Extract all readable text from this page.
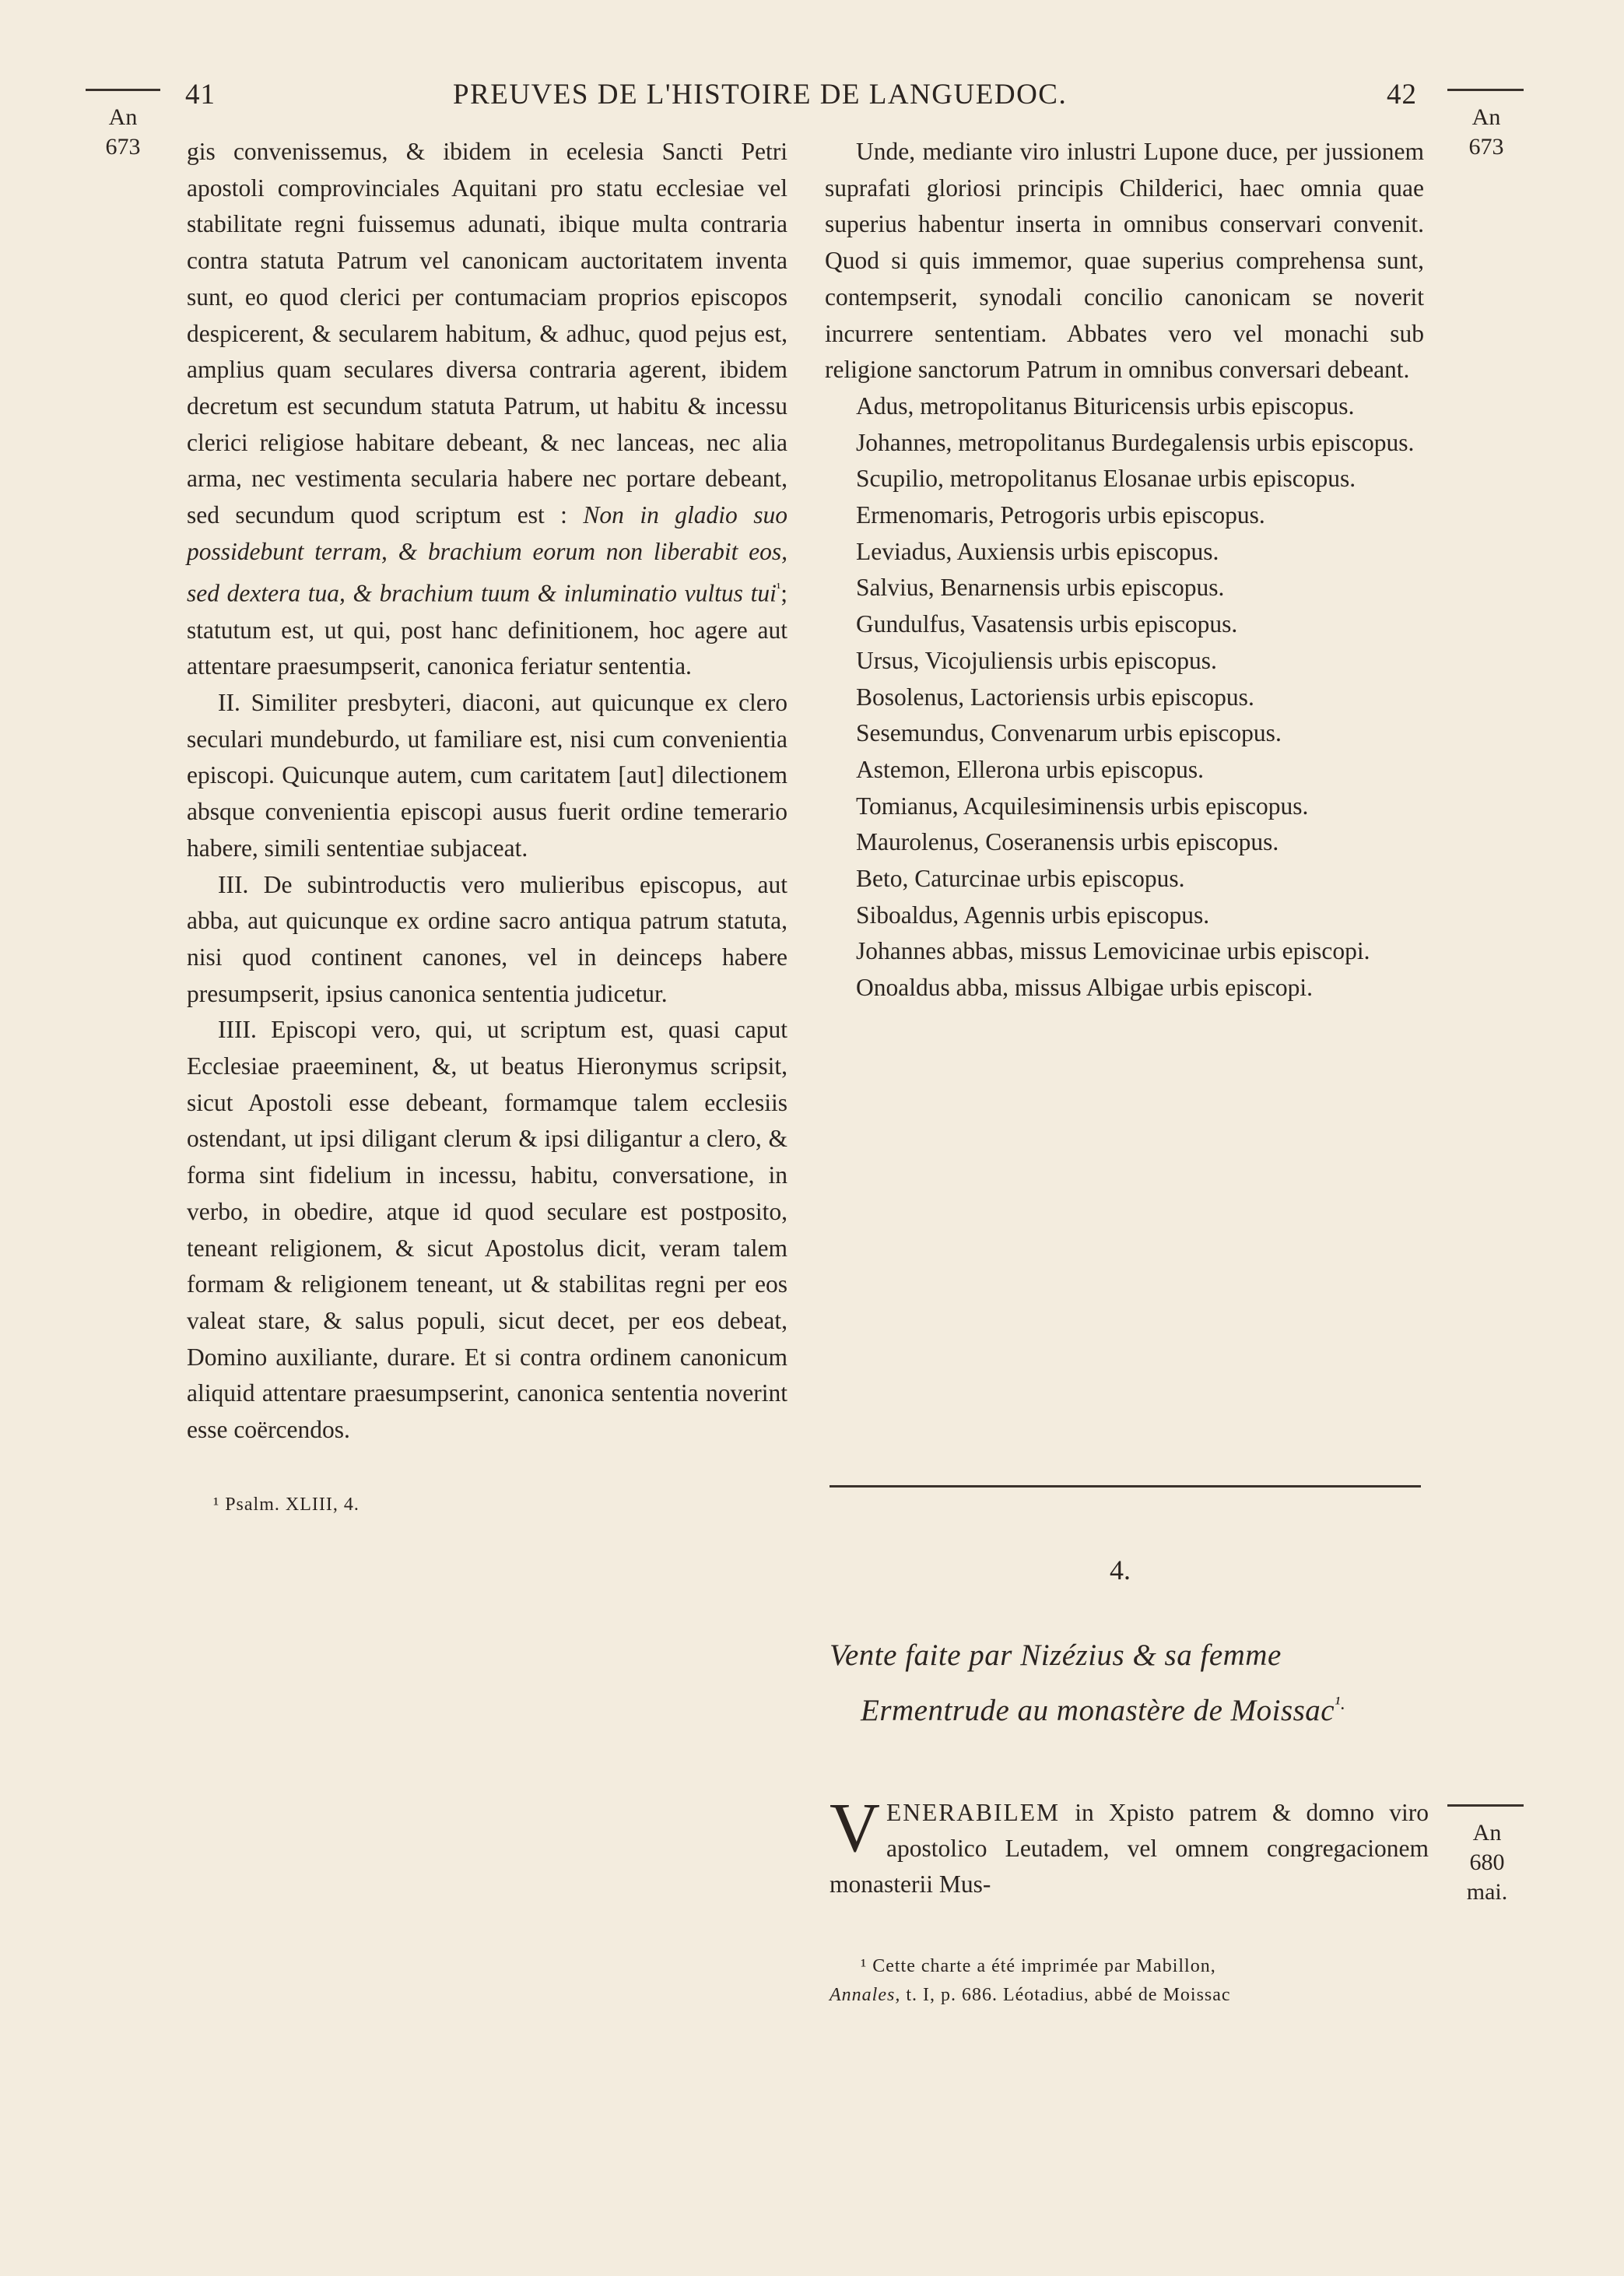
41	PREUVES DE L'HISTOIRE DE LANGUEDOC.	42
An
673
An
673
An
680
mai.

gis convenissemus, & ibidem in ecelesia Sancti Petri apostoli comprovinciales Aquitani pro statu ecclesiae vel stabilitate regni fuissemus adunati, ibique multa contraria contra statuta Patrum vel canonicam auctoritatem inventa sunt, eo quod clerici per contumaciam proprios episcopos despicerent, & secularem habitum, & adhuc, quod pejus est, amplius quam seculares diversa contraria agerent, ibidem decretum est secundum statuta Patrum, ut habitu & incessu clerici religiose habitare debeant, & nec lanceas, nec alia arma, nec vestimenta secularia habere nec portare debeant, sed secundum quod scriptum est : Non in gladio suo possidebunt terram, & brachium eorum non liberabit eos, sed dextera tua, & brachium tuum & inluminatio vultus tui$^{^1}$; statutum est, ut qui, post hanc definitionem, hoc agere aut attentare praesumpserit, canonica feriatur sententia.

II. Similiter presbyteri, diaconi, aut quicunque ex clero seculari mundeburdo, ut familiare est, nisi cum convenientia episcopi. Quicunque autem, cum caritatem [aut] dilectionem absque convenientia episcopi ausus fuerit ordine temerario habere, simili sententiae subjaceat.

III. De subintroductis vero mulieribus episcopus, aut abba, aut quicunque ex ordine sacro antiqua patrum statuta, nisi quod continent canones, vel in deinceps habere presumpserit, ipsius canonica sententia judicetur.

IIII. Episcopi vero, qui, ut scriptum est, quasi caput Ecclesiae praeeminent, &, ut beatus Hieronymus scripsit, sicut Apostoli esse debeant, formamque talem ecclesiis ostendant, ut ipsi diligant clerum & ipsi diligantur a clero, & forma sint fidelium in incessu, habitu, conversatione, in verbo, in obedire, atque id quod seculare est postposito, teneant religionem, & sicut Apostolus dicit, veram talem formam & religionem teneant, ut & stabilitas regni per eos valeat stare, & salus populi, sicut decet, per eos debeat, Domino auxiliante, durare. Et si contra ordinem canonicum aliquid attentare praesumpserint, canonica sententia noverint esse coërcendos.

¹ Psalm. XLIII, 4.

Unde, mediante viro inlustri Lupone duce, per jussionem suprafati gloriosi principis Childerici, haec omnia quae superius habentur inserta in omnibus conservari convenit. Quod si quis immemor, quae superius comprehensa sunt, contempserit, synodali concilio canonicam se noverit incurrere sententiam. Abbates vero vel monachi sub religione sanctorum Patrum in omnibus conversari debeant.

Adus, metropolitanus Bituricensis urbis episcopus.

Johannes, metropolitanus Burdegalensis urbis episcopus.

Scupilio, metropolitanus Elosanae urbis episcopus.

Ermenomaris, Petrogoris urbis episcopus.

Leviadus, Auxiensis urbis episcopus.

Salvius, Benarnensis urbis episcopus.

Gundulfus, Vasatensis urbis episcopus.

Ursus, Vicojuliensis urbis episcopus.

Bosolenus, Lactoriensis urbis episcopus.

Sesemundus, Convenarum urbis episcopus.

Astemon, Ellerona urbis episcopus.

Tomianus, Acquilesiminensis urbis episcopus.

Maurolenus, Coseranensis urbis episcopus.

Beto, Caturcinae urbis episcopus.

Siboaldus, Agennis urbis episcopus.

Johannes abbas, missus Lemovicinae urbis episcopi.

Onoaldus abba, missus Albigae urbis episcopi.

4.
Vente faite par Nizézius & sa femme
Ermentrude au monastère de Moissac$^{^1.}$
VENERABILEM in Xpisto patrem & domno viro apostolico Leutadem, vel omnem congregacionem monasterii Mus-
¹ Cette charte a été imprimée par Mabillon,
Annales, t. I, p. 686. Léotadius, abbé de Moissac
